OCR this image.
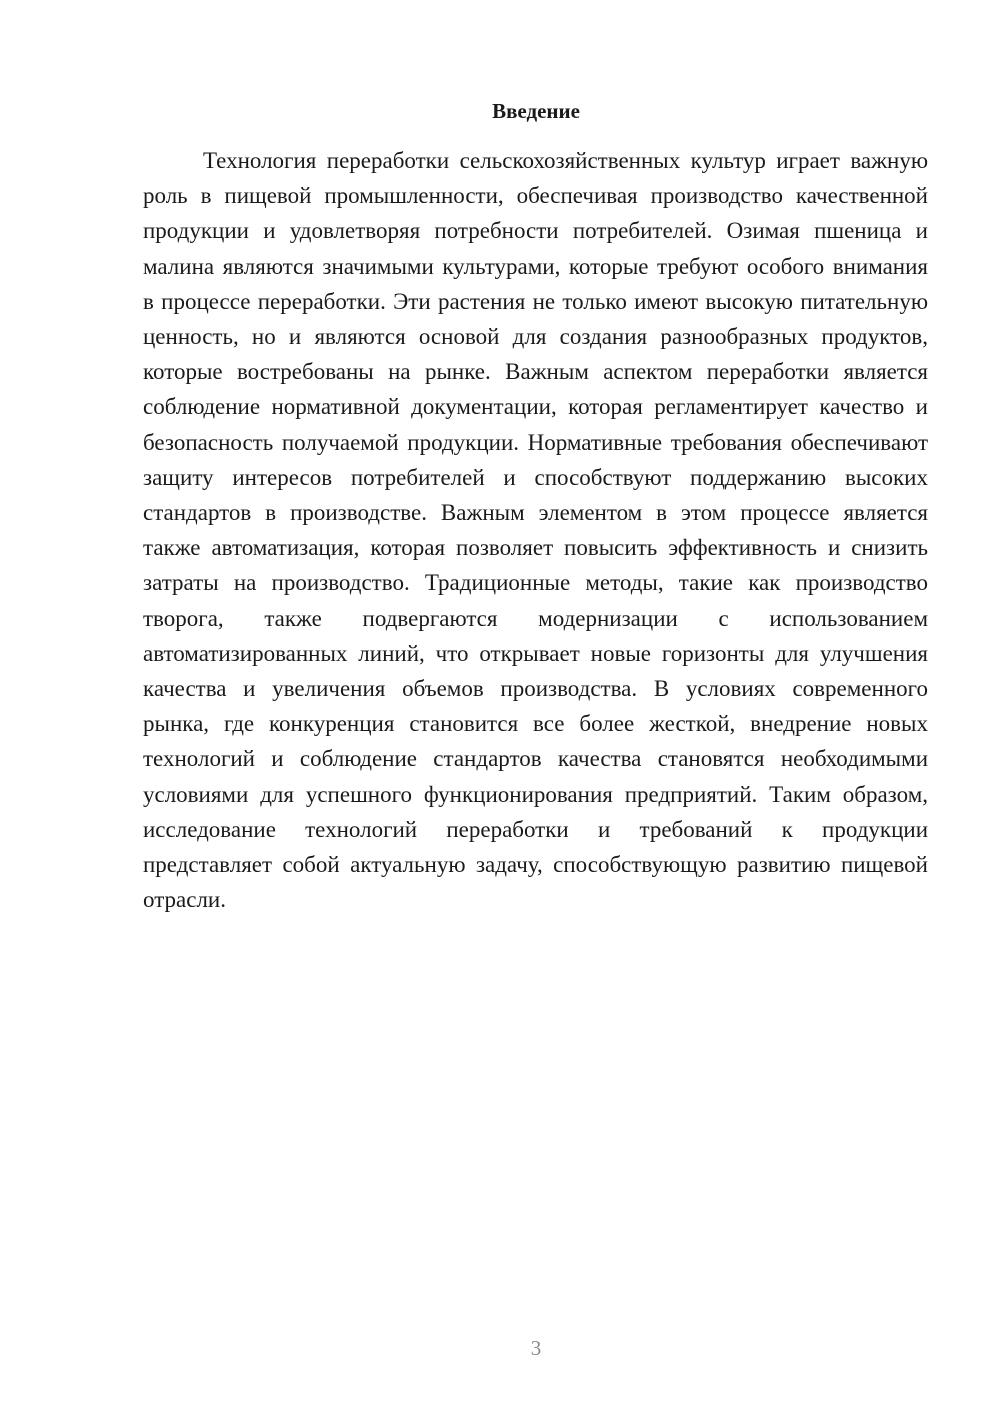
Введение

Технология переработки сельскохозяйственных культур играет важную роль в пищевой промышленности, обеспечивая производство качественной продукции и удовлетворяя потребности потребителей. Озимая пшеница и малина являются значимыми культурами, которые требуют особого внимания в процессе переработки. Эти растения не только имеют высокую питательную ценность, но и являются основой для создания разнообразных продуктов, которые востребованы на рынке. Важным аспектом переработки является соблюдение нормативной документации, которая регламентирует качество и безопасность получаемой продукции. Нормативные требования обеспечивают защиту интересов потребителей и способствуют поддержанию высоких стандартов в производстве. Важным элементом в этом процессе является также автоматизация, которая позволяет повысить эффективность и снизить затраты на производство. Традиционные методы, такие как производство творога, также подвергаются модернизации с использованием автоматизированных линий, что открывает новые горизонты для улучшения качества и увеличения объемов производства. В условиях современного рынка, где конкуренция становится все более жесткой, внедрение новых технологий и соблюдение стандартов качества становятся необходимыми условиями для успешного функционирования предприятий. Таким образом, исследование технологий переработки и требований к продукции представляет собой актуальную задачу, способствующую развитию пищевой отрасли.

3
